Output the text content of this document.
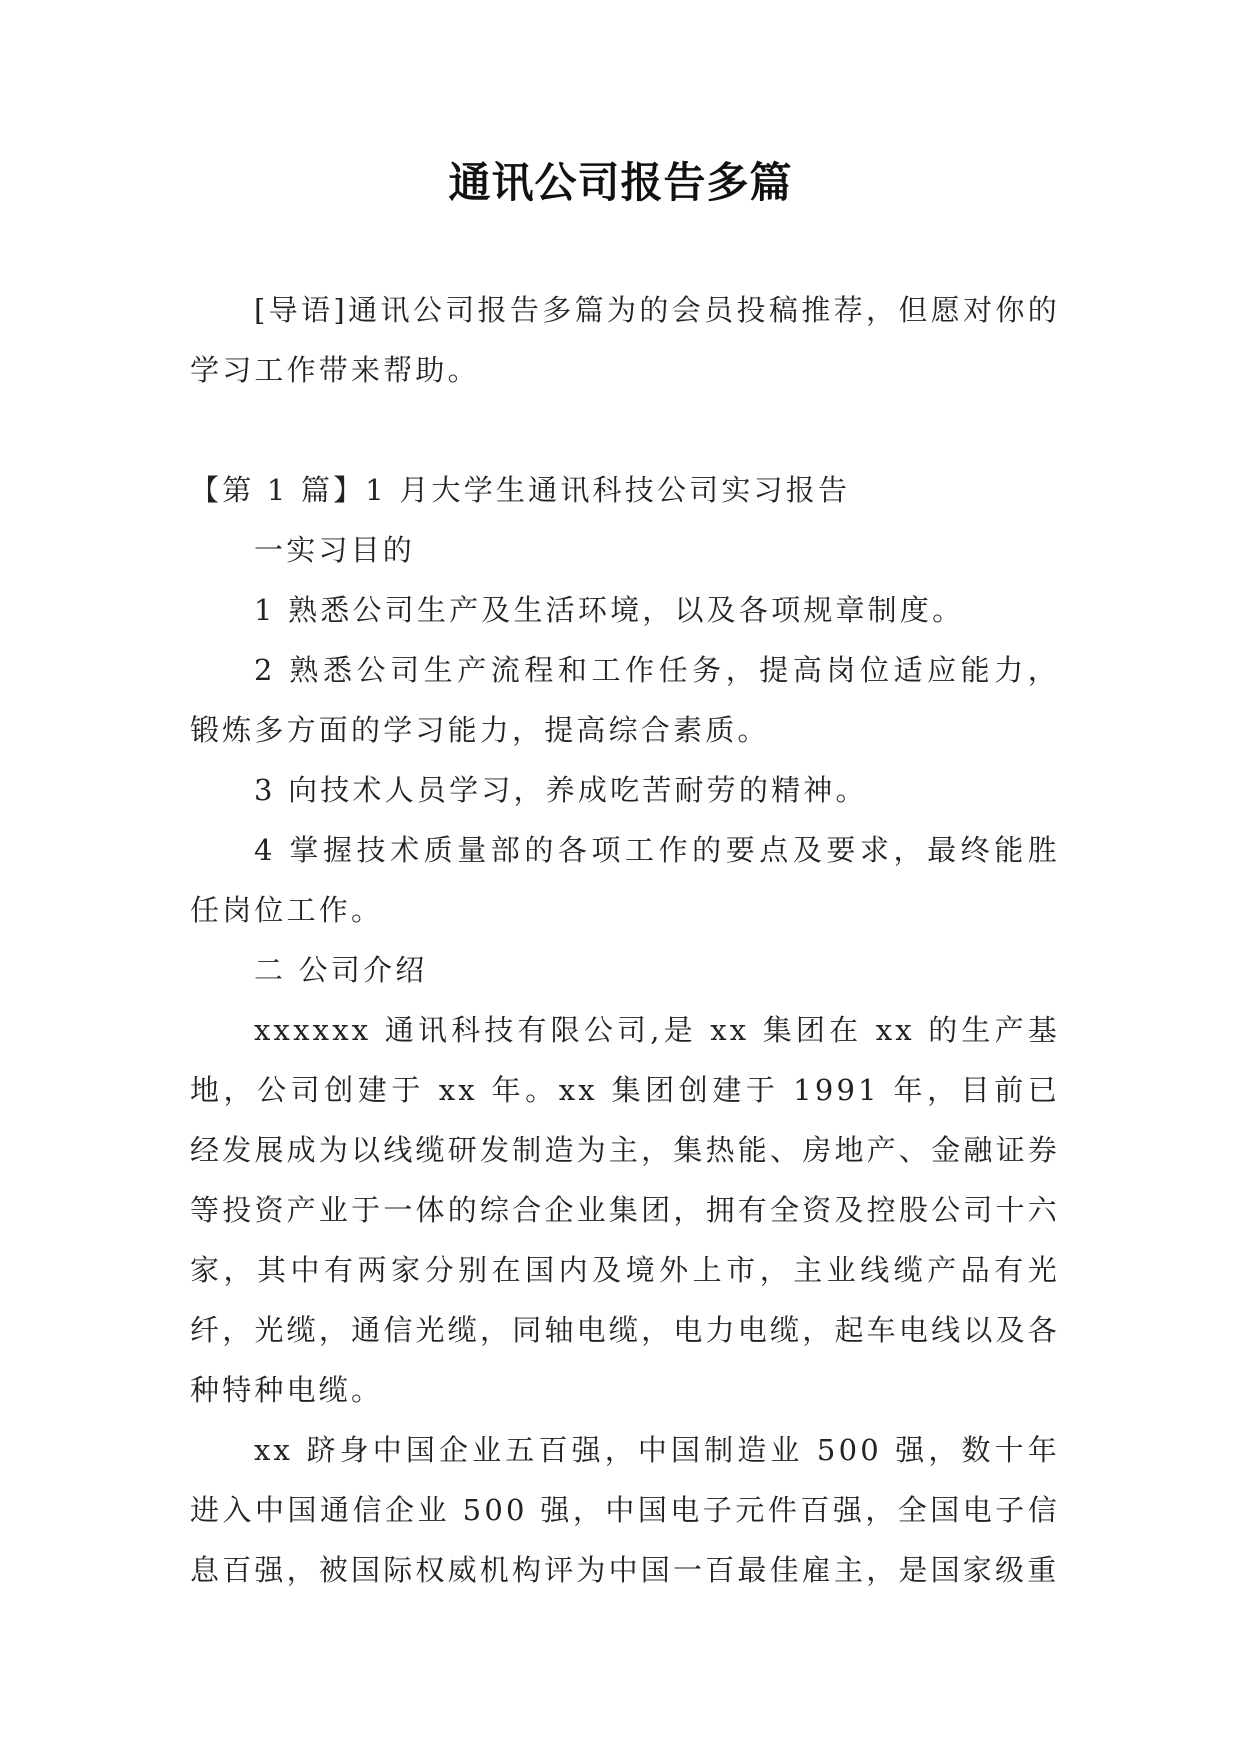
通讯公司报告多篇

[导语]通讯公司报告多篇为的会员投稿推荐，但愿对你的学习工作带来帮助。

【第 1 篇】1 月大学生通讯科技公司实习报告

一实习目的

1 熟悉公司生产及生活环境，以及各项规章制度。

2 熟悉公司生产流程和工作任务，提高岗位适应能力，锻炼多方面的学习能力，提高综合素质。

3 向技术人员学习，养成吃苦耐劳的精神。

4 掌握技术质量部的各项工作的要点及要求，最终能胜任岗位工作。

二 公司介绍

xxxxxx 通讯科技有限公司,是 xx 集团在 xx 的生产基地，公司创建于 xx 年。xx 集团创建于 1991 年，目前已经发展成为以线缆研发制造为主，集热能、房地产、金融证券等投资产业于一体的综合企业集团，拥有全资及控股公司十六家，其中有两家分别在国内及境外上市，主业线缆产品有光纤，光缆，通信光缆，同轴电缆，电力电缆，起车电线以及各种特种电缆。

xx 跻身中国企业五百强，中国制造业 500 强，数十年进入中国通信企业 500 强，中国电子元件百强，全国电子信息百强，被国际权威机构评为中国一百最佳雇主，是国家级重
